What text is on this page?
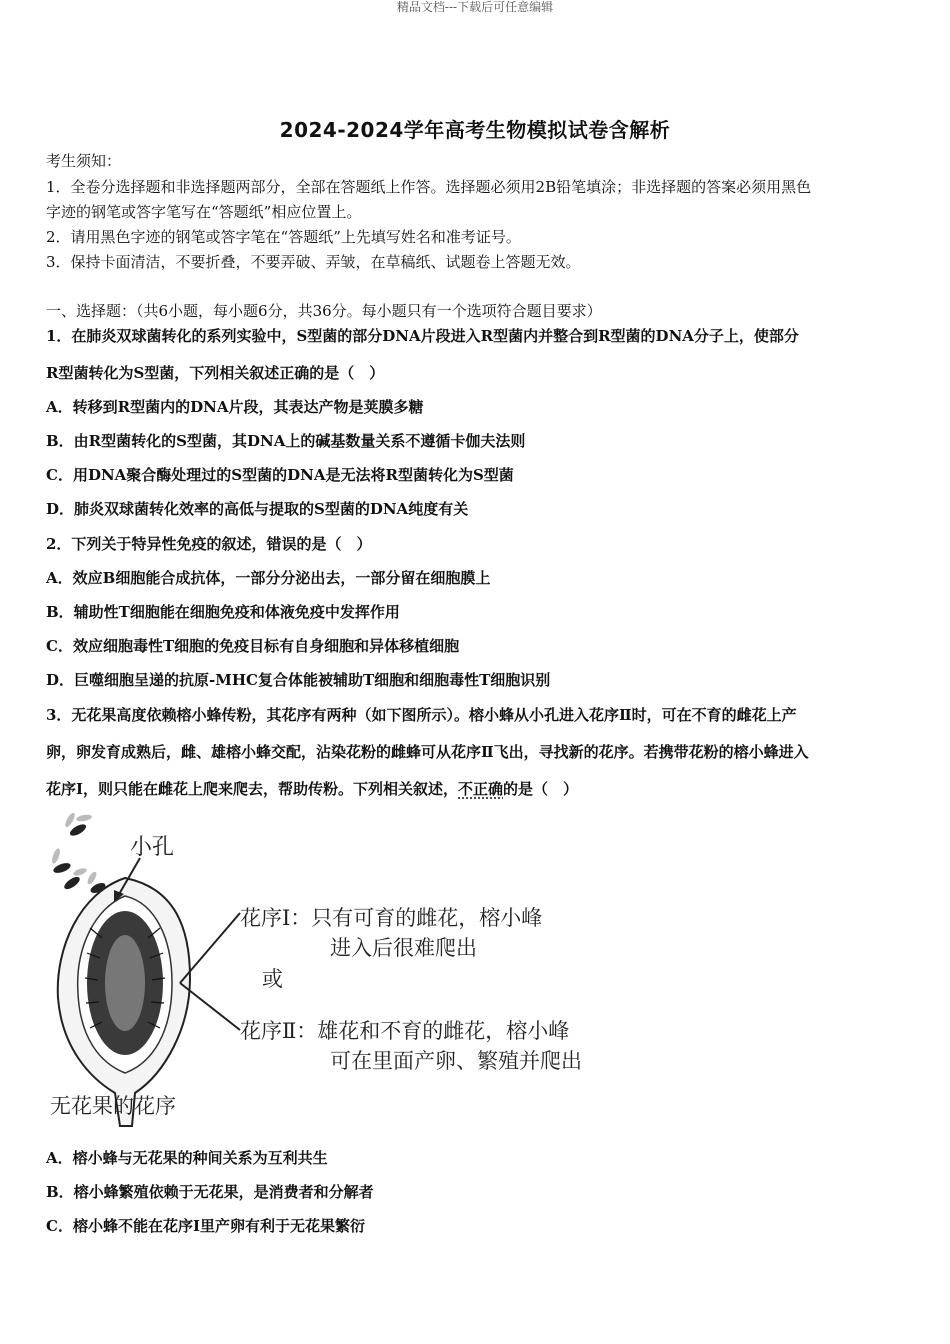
精品文档---下载后可任意编辑
2024-2024学年高考生物模拟试卷含解析
考生须知：
1．全卷分选择题和非选择题两部分，全部在答题纸上作答。选择题必须用2B铅笔填涂；非选择题的答案必须用黑色
字迹的钢笔或答字笔写在“答题纸”相应位置上。
2．请用黑色字迹的钢笔或答字笔在“答题纸”上先填写姓名和准考证号。
3．保持卡面清洁，不要折叠，不要弄破、弄皱，在草稿纸、试题卷上答题无效。
一、选择题：（共6小题，每小题6分，共36分。每小题只有一个选项符合题目要求）
1．在肺炎双球菌转化的系列实验中，S型菌的部分DNA片段进入R型菌内并整合到R型菌的DNA分子上，使部分
R型菌转化为S型菌，下列相关叙述正确的是（　）
A．转移到R型菌内的DNA片段，其表达产物是荚膜多糖
B．由R型菌转化的S型菌，其DNA上的碱基数量关系不遵循卡伽夫法则
C．用DNA聚合酶处理过的S型菌的DNA是无法将R型菌转化为S型菌
D．肺炎双球菌转化效率的高低与提取的S型菌的DNA纯度有关
2．下列关于特异性免疫的叙述，错误的是（　）
A．效应B细胞能合成抗体，一部分分泌出去，一部分留在细胞膜上
B．辅助性T细胞能在细胞免疫和体液免疫中发挥作用
C．效应细胞毒性T细胞的免疫目标有自身细胞和异体移植细胞
D．巨噬细胞呈递的抗原-MHC复合体能被辅助T细胞和细胞毒性T细胞识别
3．无花果高度依赖榕小蜂传粉，其花序有两种（如下图所示）。榕小蜂从小孔进入花序Ⅱ时，可在不育的雌花上产
卵，卵发育成熟后，雌、雄榕小蜂交配，沾染花粉的雌蜂可从花序Ⅱ飞出，寻找新的花序。若携带花粉的榕小蜂进入
花序Ⅰ，则只能在雌花上爬来爬去，帮助传粉。下列相关叙述，不正确的是（　）
小孔
花序Ⅰ：只有可育的雌花，榕小峰
进入后很难爬出
或
花序Ⅱ：雄花和不育的雌花，榕小峰
可在里面产卵、繁殖并爬出
无花果的花序
A．榕小蜂与无花果的种间关系为互利共生
B．榕小蜂繁殖依赖于无花果，是消费者和分解者
C．榕小蜂不能在花序Ⅰ里产卵有利于无花果繁衍
